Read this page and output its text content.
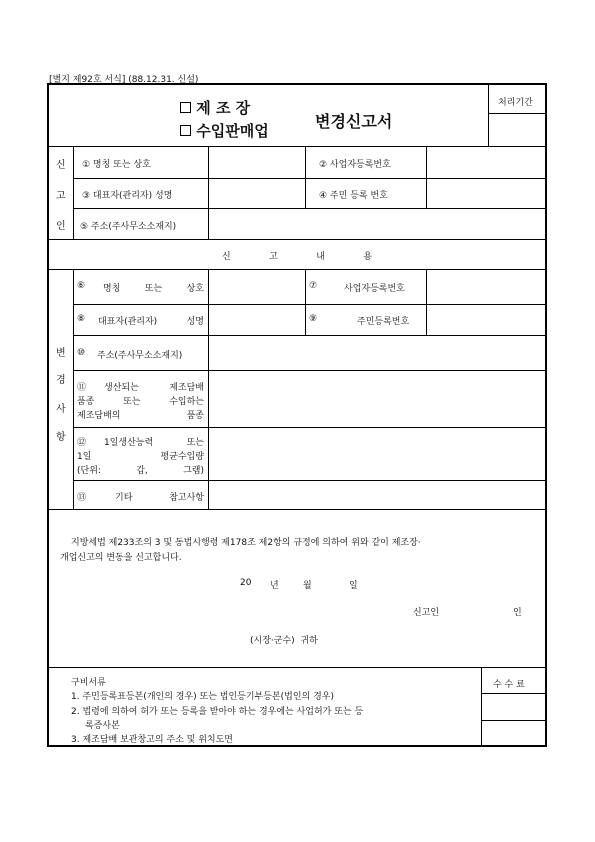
[별지 제92호 서식] (88.12.31. 신설)
제 조 장
수입판매업	변경신고서
처리기간
신
고
인
① 명칭 또는 상호	② 사업자등록번호
③ 대표자(관리자) 성명	④ 주민 등록 번호
⑤ 주소(주사무소소재지)
신	고	내	용
변
경
사
항
⑥ 명칭	또는	상호	⑦	사업자등록번호
⑧ 대표자(관리자)	성명	⑨	주민등록번호
⑩ 주소(주사무소소재지)
⑪ 생산되는	제조담배
품종	또는	수입하는
제조담배의	품종
⑫ 1일생산능력	또는
1일	평균수입량
(단위:	갑,	그램)
⑬	기타	참고사항
지방세법 제233조의 3 및 동법시행령 제178조 제2항의 규정에 의하여 위와 같이 제조장·
개업신고의 변동을 신고합니다.
20 년	월	일
신고인	인
(시장·군수)  귀하
구비서류
1. 주민등록표등본(개인의 경우) 또는 법인등기부등본(법인의 경우)
2. 법령에 의하여 허가 또는 등록을 받아야 하는 경우에는 사업허가 또는 등
록증사본
3. 제조담배 보관창고의 주소 및 위치도면
수 수 료
